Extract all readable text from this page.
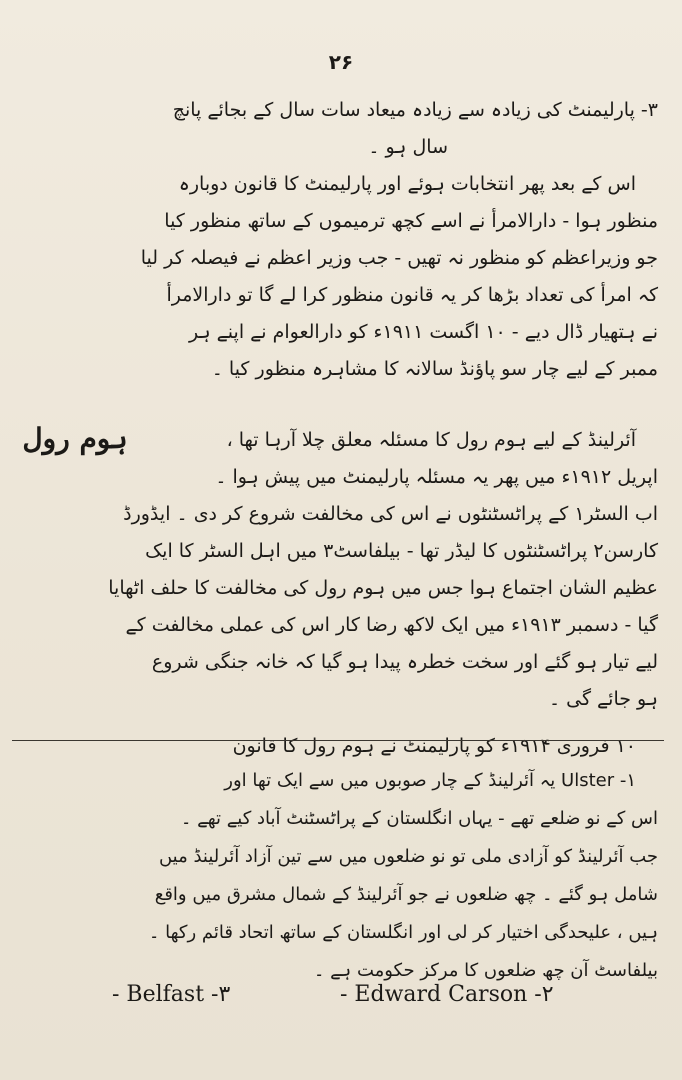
۲۶

۳- پارلیمنٹ کی زیادہ سے زیادہ میعاد سات سال کے بجائے پانچ

سال ہو ۔

اس کے بعد پھر انتخابات ہوئے اور پارلیمنٹ کا قانون دوبارہ

منظور ہوا - دارالامرأ نے اسے کچھ ترمیموں کے ساتھ منظور کیا

جو وزیراعظم کو منظور نہ تھیں - جب وزیر اعظم نے فیصلہ کر لیا

کہ امرأ کی تعداد بڑھا کر یہ قانون منظور کرا لے گا تو دارالامرأ

نے ہتھیار ڈال دیے - ۱۰ اگست ۱۹۱۱ء کو دارالعوام نے اپنے ہر

ممبر کے لیے چار سو پاؤنڈ سالانہ کا مشاہرہ منظور کیا ۔

ہوم رول	آئرلینڈ کے لیے ہوم رول کا مسئلہ معلق چلا آرہا تھا ،

اپریل ۱۹۱۲ء میں پھر یہ مسئلہ پارلیمنٹ میں پیش ہوا ۔

اب السٹر۱ کے پراٹسٹنٹوں نے اس کی مخالفت شروع کر دی ۔ ایڈورڈ

کارسن۲ پراٹسٹنٹوں کا لیڈر تھا - بیلفاسٹ۳ میں اہل السٹر کا ایک

عظیم الشان اجتماع ہوا جس میں ہوم رول کی مخالفت کا حلف اٹھایا

گیا - دسمبر ۱۹۱۳ء میں ایک لاکھ رضا کار اس کی عملی مخالفت کے

لیے تیار ہو گئے اور سخت خطرہ پیدا ہو گیا کہ خانہ جنگی شروع

ہو جائے گی ۔

۱۰ فروری ۱۹۱۴ء کو پارلیمنٹ نے ہوم رول کا قانون

۱- Ulster یہ آئرلینڈ کے چار صوبوں میں سے ایک تھا اور

اس کے نو ضلعے تھے - یہاں انگلستان کے پراٹسٹنٹ آباد کیے تھے ۔

جب آئرلینڈ کو آزادی ملی تو نو ضلعوں میں سے تین آزاد آئرلینڈ میں

شامل ہو گئے ۔ چھ ضلعوں نے جو آئرلینڈ کے شمال مشرق میں واقع

ہیں ، علیحدگی اختیار کر لی اور انگلستان کے ساتھ اتحاد قائم رکھا ۔

بیلفاسٹ آن چھ ضلعوں کا مرکز حکومت ہے ۔

- Belfast -۳	- Edward Carson -۲
